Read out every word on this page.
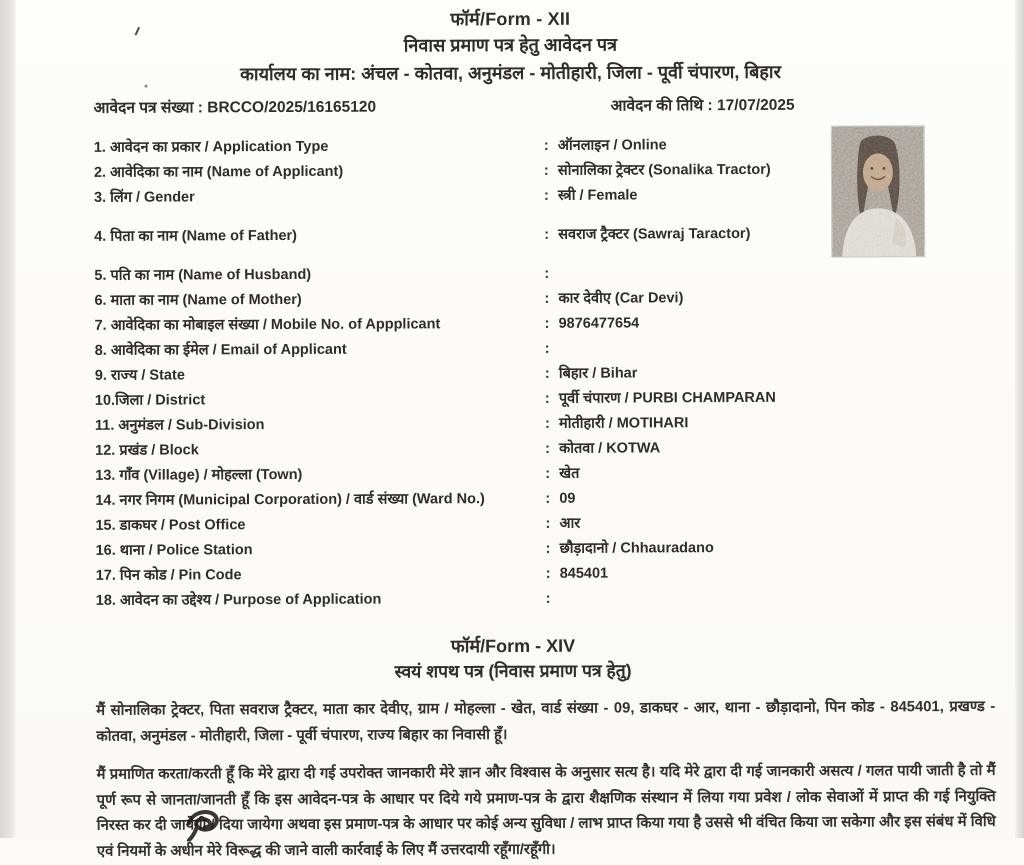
फॉर्म/Form - XII
निवास प्रमाण पत्र हेतु आवेदन पत्र
कार्यालय का नाम: अंचल - कोतवा, अनुमंडल - मोतीहारी, जिला - पूर्वी चंपारण, बिहार
आवेदन पत्र संख्या : BRCCO/2025/16165120	आवेदन की तिथि : 17/07/2025
1. आवेदन का प्रकार / Application Type	: ऑनलाइन / Online
2. आवेदिका का नाम (Name of Applicant)	: सोनालिका ट्रेक्टर (Sonalika Tractor)
3. लिंग / Gender	: स्त्री / Female
4. पिता का नाम (Name of Father)	: सवराज ट्रैक्टर (Sawraj Taractor)
5. पति का नाम (Name of Husband)	:
6. माता का नाम (Name of Mother)	: कार देवीए (Car Devi)
7. आवेदिका का मोबाइल संख्या / Mobile No. of Appplicant	: 9876477654
8. आवेदिका का ईमेल / Email of Applicant	:
9. राज्य / State	: बिहार / Bihar
10.जिला / District	: पूर्वी चंपारण / PURBI CHAMPARAN
11. अनुमंडल / Sub-Division	: मोतीहारी / MOTIHARI
12. प्रखंड / Block	: कोतवा / KOTWA
13. गाँव (Village) / मोहल्ला (Town)	: खेत
14. नगर निगम (Municipal Corporation) / वार्ड संख्या (Ward No.)	: 09
15. डाकघर / Post Office	: आर
16. थाना / Police Station	: छौड़ादानो / Chhauradano
17. पिन कोड / Pin Code	: 845401
18. आवेदन का उद्देश्य / Purpose of Application	:
फॉर्म/Form - XIV
स्वयं शपथ पत्र (निवास प्रमाण पत्र हेतु)

मैं सोनालिका ट्रेक्टर, पिता सवराज ट्रैक्टर, माता कार देवीए, ग्राम / मोहल्ला - खेत, वार्ड संख्या - 09, डाकघर - आर, थाना - छौड़ादानो, पिन कोड - 845401, प्रखण्ड - कोतवा, अनुमंडल - मोतीहारी, जिला - पूर्वी चंपारण, राज्य बिहार का निवासी हूँ।

मैं प्रमाणित करता/करती हूँ कि मेरे द्वारा दी गई उपरोक्त जानकारी मेरे ज्ञान और विश्वास के अनुसार सत्य है। यदि मेरे द्वारा दी गई जानकारी असत्य / गलत पायी जाती है तो मैं पूर्ण रूप से जानता/जानती हूँ कि इस आवेदन-पत्र के आधार पर दिये गये प्रमाण-पत्र के द्वारा शैक्षणिक संस्थान में लिया गया प्रवेश / लोक सेवाओं में प्राप्त की गई नियुक्ति निरस्त कर दी जायेगी / दिया जायेगा अथवा इस प्रमाण-पत्र के आधार पर कोई अन्य सुविधा / लाभ प्राप्त किया गया है उससे भी वंचित किया जा सकेगा और इस संबंध में विधि एवं नियमों के अधीन मेरे विरूद्ध की जाने वाली कार्रवाई के लिए मैं उत्तरदायी रहूँगा/रहूँगी।
